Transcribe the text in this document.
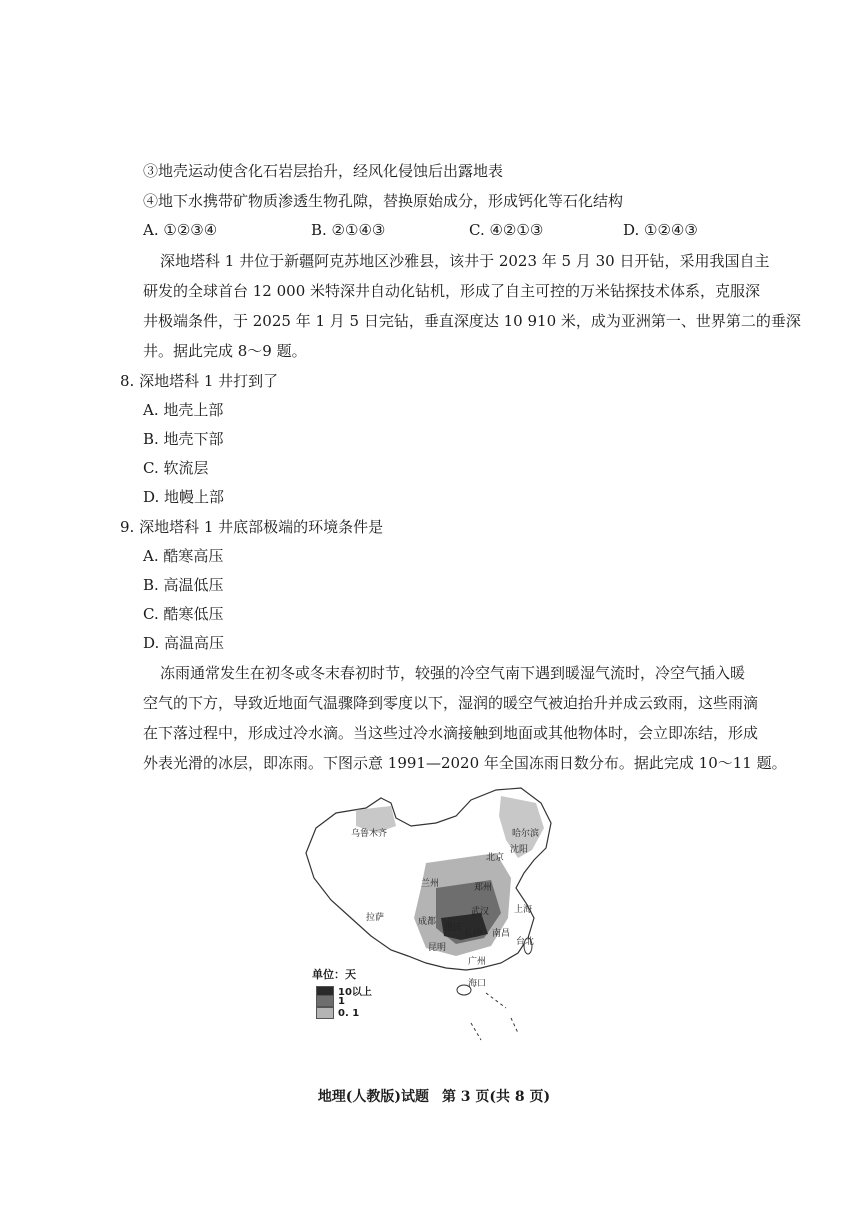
③地壳运动使含化石岩层抬升，经风化侵蚀后出露地表
④地下水携带矿物质渗透生物孔隙，替换原始成分，形成钙化等石化结构
A. ①②③④	B. ②①④③	C. ④②①③	D. ①②④③
深地塔科 1 井位于新疆阿克苏地区沙雅县，该井于 2023 年 5 月 30 日开钻，采用我国自主
研发的全球首台 12 000 米特深井自动化钻机，形成了自主可控的万米钻探技术体系，克服深
井极端条件，于 2025 年 1 月 5 日完钻，垂直深度达 10 910 米，成为亚洲第一、世界第二的垂深
井。据此完成 8～9 题。
8. 深地塔科 1 井打到了
A. 地壳上部
B. 地壳下部
C. 软流层
D. 地幔上部
9. 深地塔科 1 井底部极端的环境条件是
A. 酷寒高压
B. 高温低压
C. 酷寒低压
D. 高温高压
冻雨通常发生在初冬或冬末春初时节，较强的冷空气南下遇到暖湿气流时，冷空气插入暖
空气的下方，导致近地面气温骤降到零度以下，湿润的暖空气被迫抬升并成云致雨，这些雨滴
在下落过程中，形成过冷水滴。当这些过冷水滴接触到地面或其他物体时，会立即冻结，形成
外表光滑的冰层，即冻雨。下图示意 1991—2020 年全国冻雨日数分布。据此完成 10～11 题。
乌鲁木齐	哈尔滨
北京
沈阳
兰州	郑州
拉萨	成都
武汉	上海
重庆
长沙
昆明
南昌
台北
广州
海口
单位：天
10以上
1
0. 1
地理(人教版)试题 第 3 页(共 8 页)
